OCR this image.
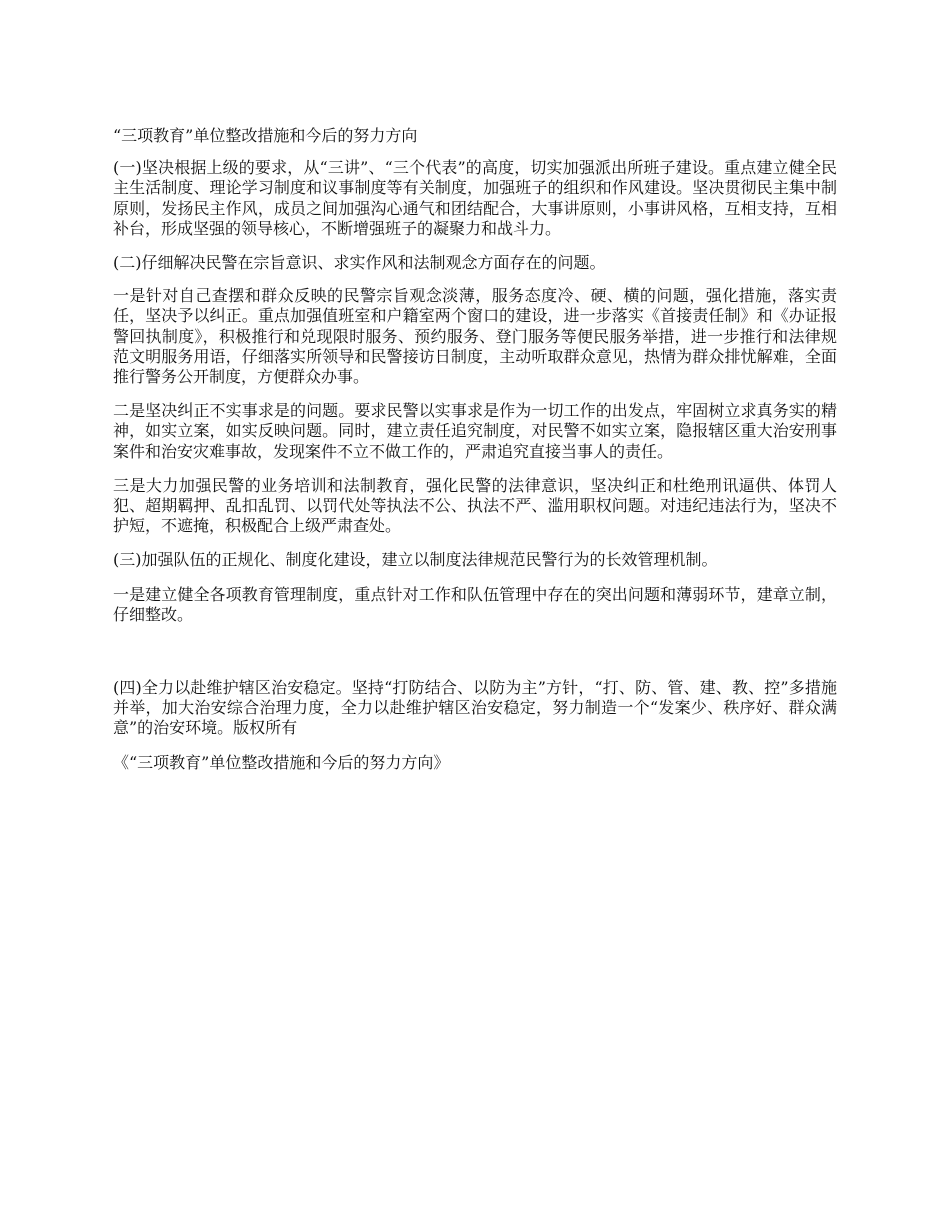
“三项教育”单位整改措施和今后的努力方向

(一)坚决根据上级的要求，从“三讲”、“三个代表”的高度，切实加强派出所班子建设。重点建立健全民主生活制度、理论学习制度和议事制度等有关制度，加强班子的组织和作风建设。坚决贯彻民主集中制原则，发扬民主作风，成员之间加强沟心通气和团结配合，大事讲原则，小事讲风格，互相支持，互相补台，形成坚强的领导核心，不断增强班子的凝聚力和战斗力。

(二)仔细解决民警在宗旨意识、求实作风和法制观念方面存在的问题。

一是针对自己查摆和群众反映的民警宗旨观念淡薄，服务态度冷、硬、横的问题，强化措施，落实责任，坚决予以纠正。重点加强值班室和户籍室两个窗口的建设，进一步落实《首接责任制》和《办证报警回执制度》，积极推行和兑现限时服务、预约服务、登门服务等便民服务举措，进一步推行和法律规范文明服务用语，仔细落实所领导和民警接访日制度，主动听取群众意见，热情为群众排忧解难，全面推行警务公开制度，方便群众办事。

二是坚决纠正不实事求是的问题。要求民警以实事求是作为一切工作的出发点，牢固树立求真务实的精神，如实立案，如实反映问题。同时，建立责任追究制度，对民警不如实立案，隐报辖区重大治安刑事案件和治安灾难事故，发现案件不立不做工作的，严肃追究直接当事人的责任。

三是大力加强民警的业务培训和法制教育，强化民警的法律意识，坚决纠正和杜绝刑讯逼供、体罚人犯、超期羁押、乱扣乱罚、以罚代处等执法不公、执法不严、滥用职权问题。对违纪违法行为，坚决不护短，不遮掩，积极配合上级严肃查处。

(三)加强队伍的正规化、制度化建设，建立以制度法律规范民警行为的长效管理机制。

一是建立健全各项教育管理制度，重点针对工作和队伍管理中存在的突出问题和薄弱环节，建章立制，仔细整改。

(四)全力以赴维护辖区治安稳定。坚持“打防结合、以防为主”方针，“打、防、管、建、教、控”多措施并举，加大治安综合治理力度，全力以赴维护辖区治安稳定，努力制造一个“发案少、秩序好、群众满意”的治安环境。版权所有

《“三项教育”单位整改措施和今后的努力方向》
